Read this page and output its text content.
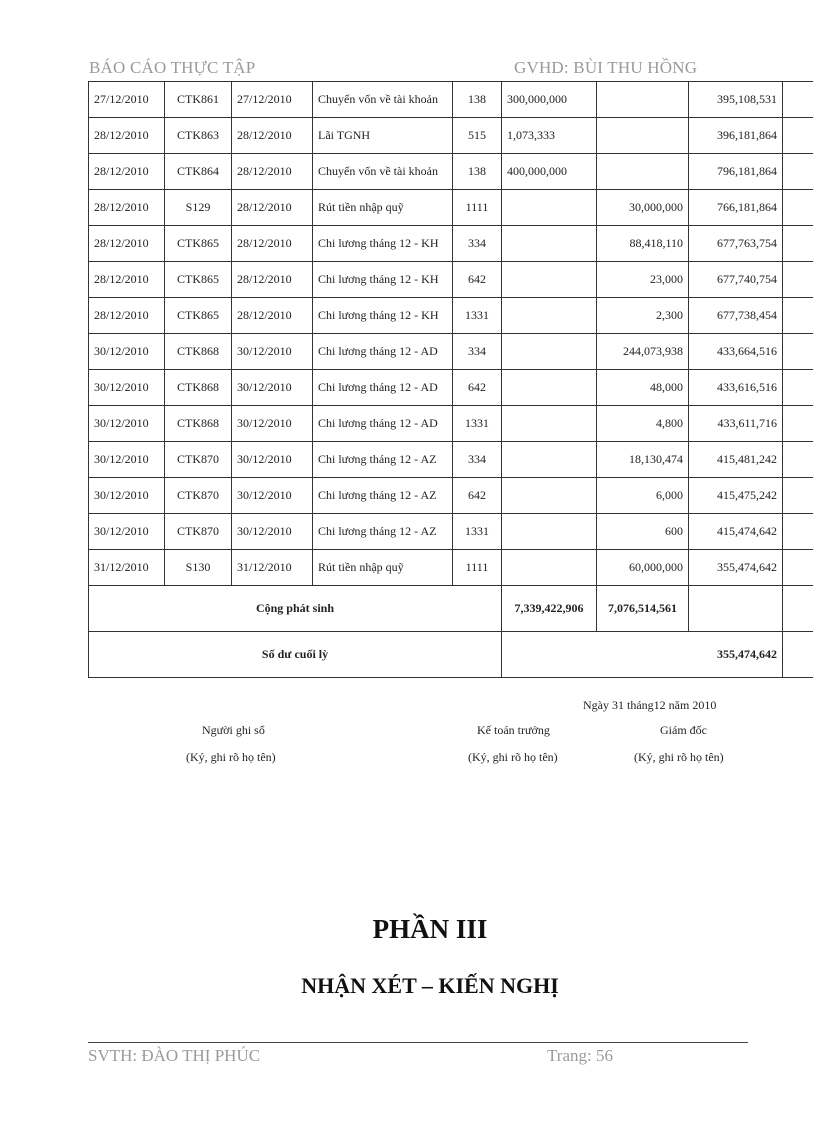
BÁO CÁO THỰC TẬP	GVHD: BÙI THU HỒNG
27/12/2010	CTK861	27/12/2010	Chuyển vốn về tài khoản	138	300,000,000		395,108,531	
28/12/2010	CTK863	28/12/2010	Lãi TGNH	515	1,073,333		396,181,864	
28/12/2010	CTK864	28/12/2010	Chuyển vốn về tài khoản	138	400,000,000		796,181,864	
28/12/2010	S129	28/12/2010	Rút tiền nhập quỹ	1111		30,000,000	766,181,864	
28/12/2010	CTK865	28/12/2010	Chi lương tháng 12 - KH	334		88,418,110	677,763,754	
28/12/2010	CTK865	28/12/2010	Chi lương tháng 12 - KH	642		23,000	677,740,754	
28/12/2010	CTK865	28/12/2010	Chi lương tháng 12 - KH	1331		2,300	677,738,454	
30/12/2010	CTK868	30/12/2010	Chi lương tháng 12 - AD	334		244,073,938	433,664,516	
30/12/2010	CTK868	30/12/2010	Chi lương tháng 12 - AD	642		48,000	433,616,516	
30/12/2010	CTK868	30/12/2010	Chi lương tháng 12 - AD	1331		4,800	433,611,716	
30/12/2010	CTK870	30/12/2010	Chi lương tháng 12 - AZ	334		18,130,474	415,481,242	
30/12/2010	CTK870	30/12/2010	Chi lương tháng 12 - AZ	642		6,000	415,475,242	
30/12/2010	CTK870	30/12/2010	Chi lương tháng 12 - AZ	1331		600	415,474,642	
31/12/2010	S130	31/12/2010	Rút tiền nhập quỹ	1111		60,000,000	355,474,642	
Cộng phát sinh					7,339,422,906	7,076,514,561		
Số dư cuối lỳ					355,474,642			
Ngày 31 tháng12 năm 2010
Người ghi sổ
(Ký, ghi rõ họ tên)
Kế toán trưởng
(Ký, ghi rõ họ tên)
Giám đốc
(Ký, ghi rõ họ tên)
PHẦN III
NHẬN XÉT – KIẾN NGHỊ
SVTH: ĐÀO THỊ PHÚC	Trang: 56
